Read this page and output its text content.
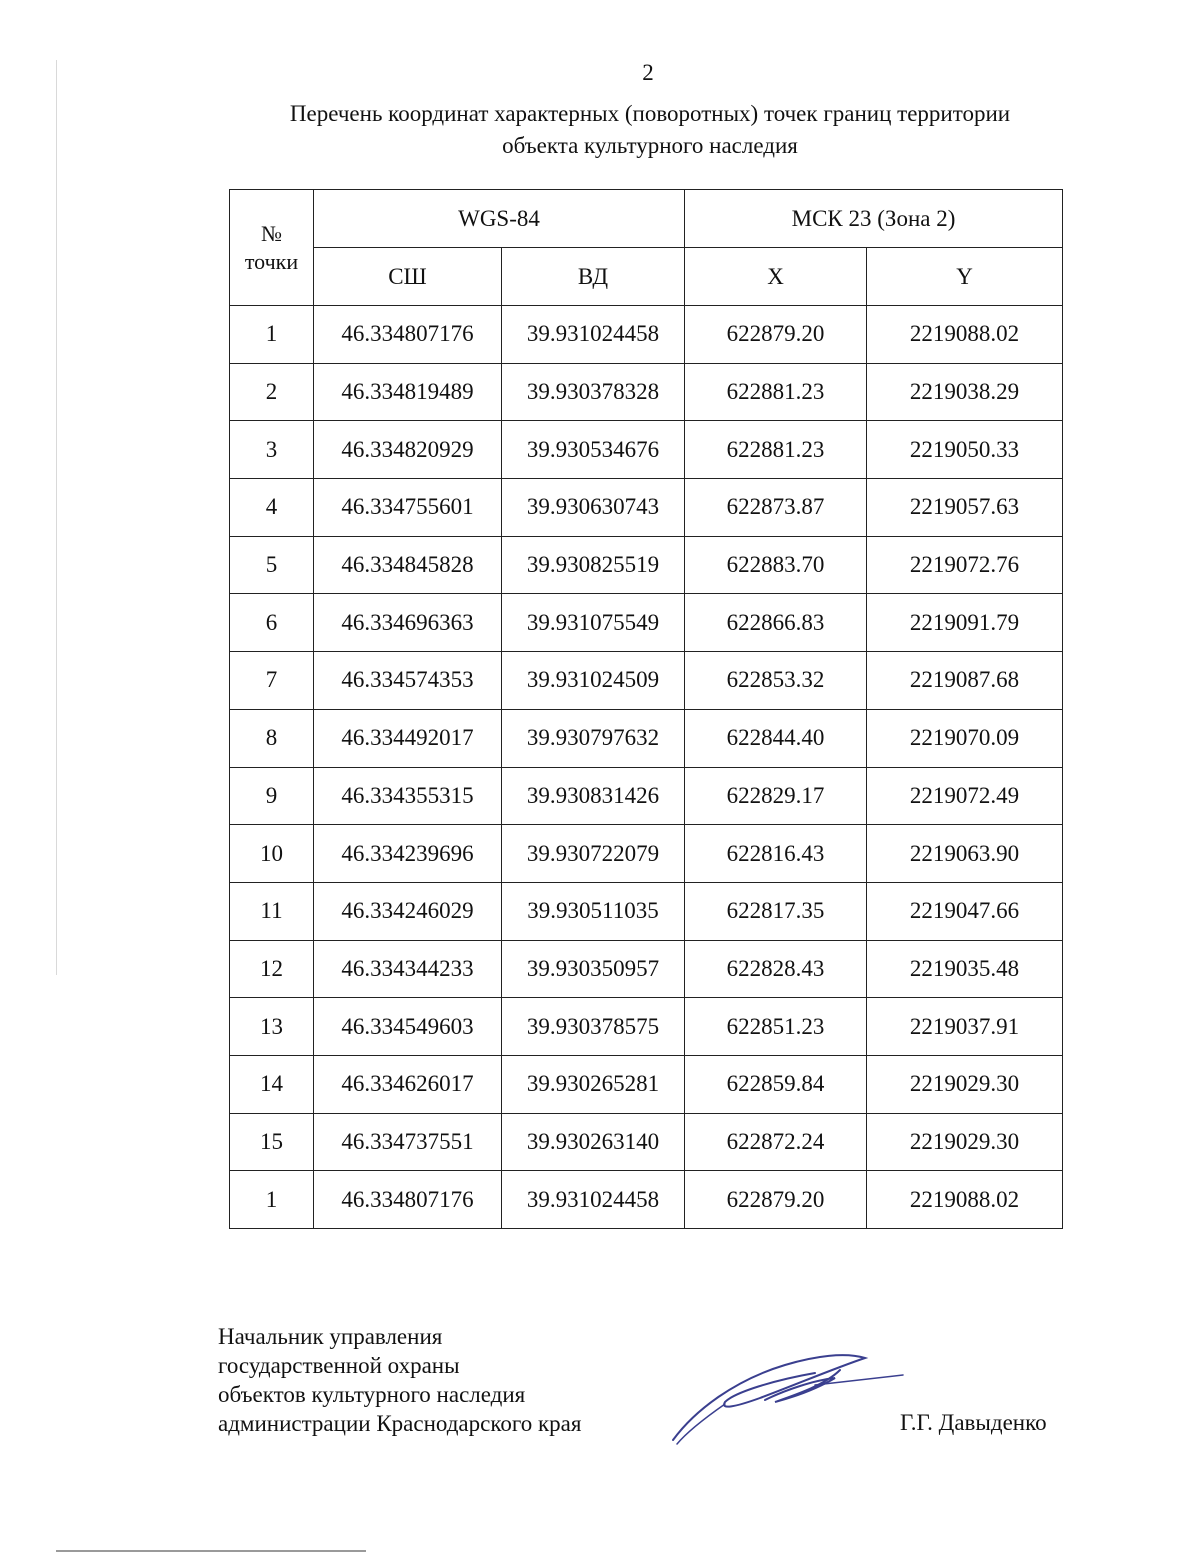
2
Перечень координат характерных (поворотных) точек границ территории
объекта культурного наследия
№
точки	WGS-84		МСК 23 (Зона 2)	
	СШ	ВД	X	Y
1	46.334807176	39.931024458	622879.20	2219088.02
2	46.334819489	39.930378328	622881.23	2219038.29
3	46.334820929	39.930534676	622881.23	2219050.33
4	46.334755601	39.930630743	622873.87	2219057.63
5	46.334845828	39.930825519	622883.70	2219072.76
6	46.334696363	39.931075549	622866.83	2219091.79
7	46.334574353	39.931024509	622853.32	2219087.68
8	46.334492017	39.930797632	622844.40	2219070.09
9	46.334355315	39.930831426	622829.17	2219072.49
10	46.334239696	39.930722079	622816.43	2219063.90
11	46.334246029	39.930511035	622817.35	2219047.66
12	46.334344233	39.930350957	622828.43	2219035.48
13	46.334549603	39.930378575	622851.23	2219037.91
14	46.334626017	39.930265281	622859.84	2219029.30
15	46.334737551	39.930263140	622872.24	2219029.30
1	46.334807176	39.931024458	622879.20	2219088.02
Начальник управления
государственной охраны
объектов культурного наследия
администрации Краснодарского края	Г.Г. Давыденко
